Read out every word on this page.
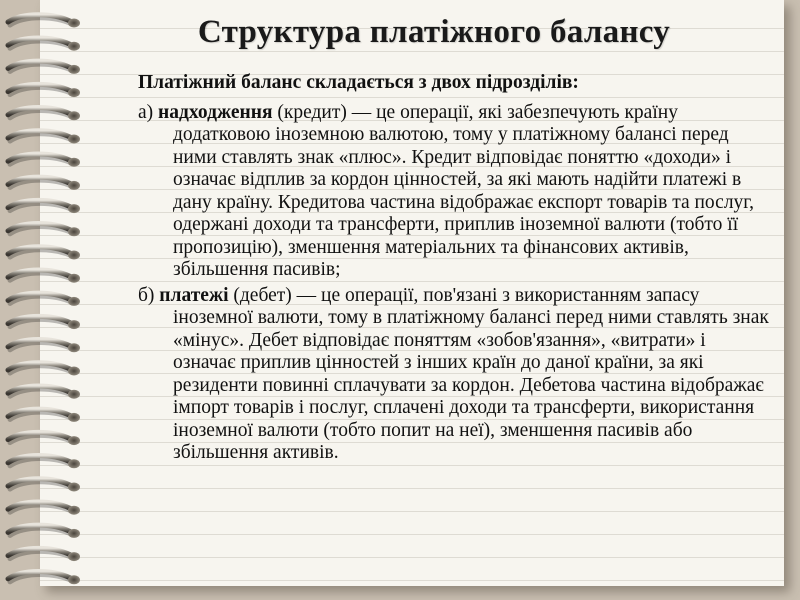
Структура платіжного балансу

Платіжний баланс складається з двох підрозділів:

а) надходження (кредит) — це операції, які забезпечують країну додатковою іноземною валютою, тому у платіжному балансі перед ними ставлять знак «плюс». Кредит відповідає поняттю «доходи» і означає відплив за кордон цінностей, за які мають надійти платежі в дану країну. Кредитова частина відображає експорт товарів та послуг, одержані доходи та трансферти, приплив іноземної валюти (тобто її пропозицію), зменшення матеріальних та фінансових активів, збільшення пасивів;

б) платежі (дебет) — це операції, пов'язані з використанням запасу іноземної валюти, тому в платіжному балансі перед ними ставлять знак «мінус». Дебет відповідає поняттям «зобов'язання», «витрати» і означає приплив цінностей з інших країн до даної країни, за які резиденти повинні сплачувати за кордон. Дебетова частина відображає імпорт товарів і послуг, сплачені доходи та трансферти, використання іноземної валюти (тобто попит на неї), зменшення пасивів або збільшення активів.
